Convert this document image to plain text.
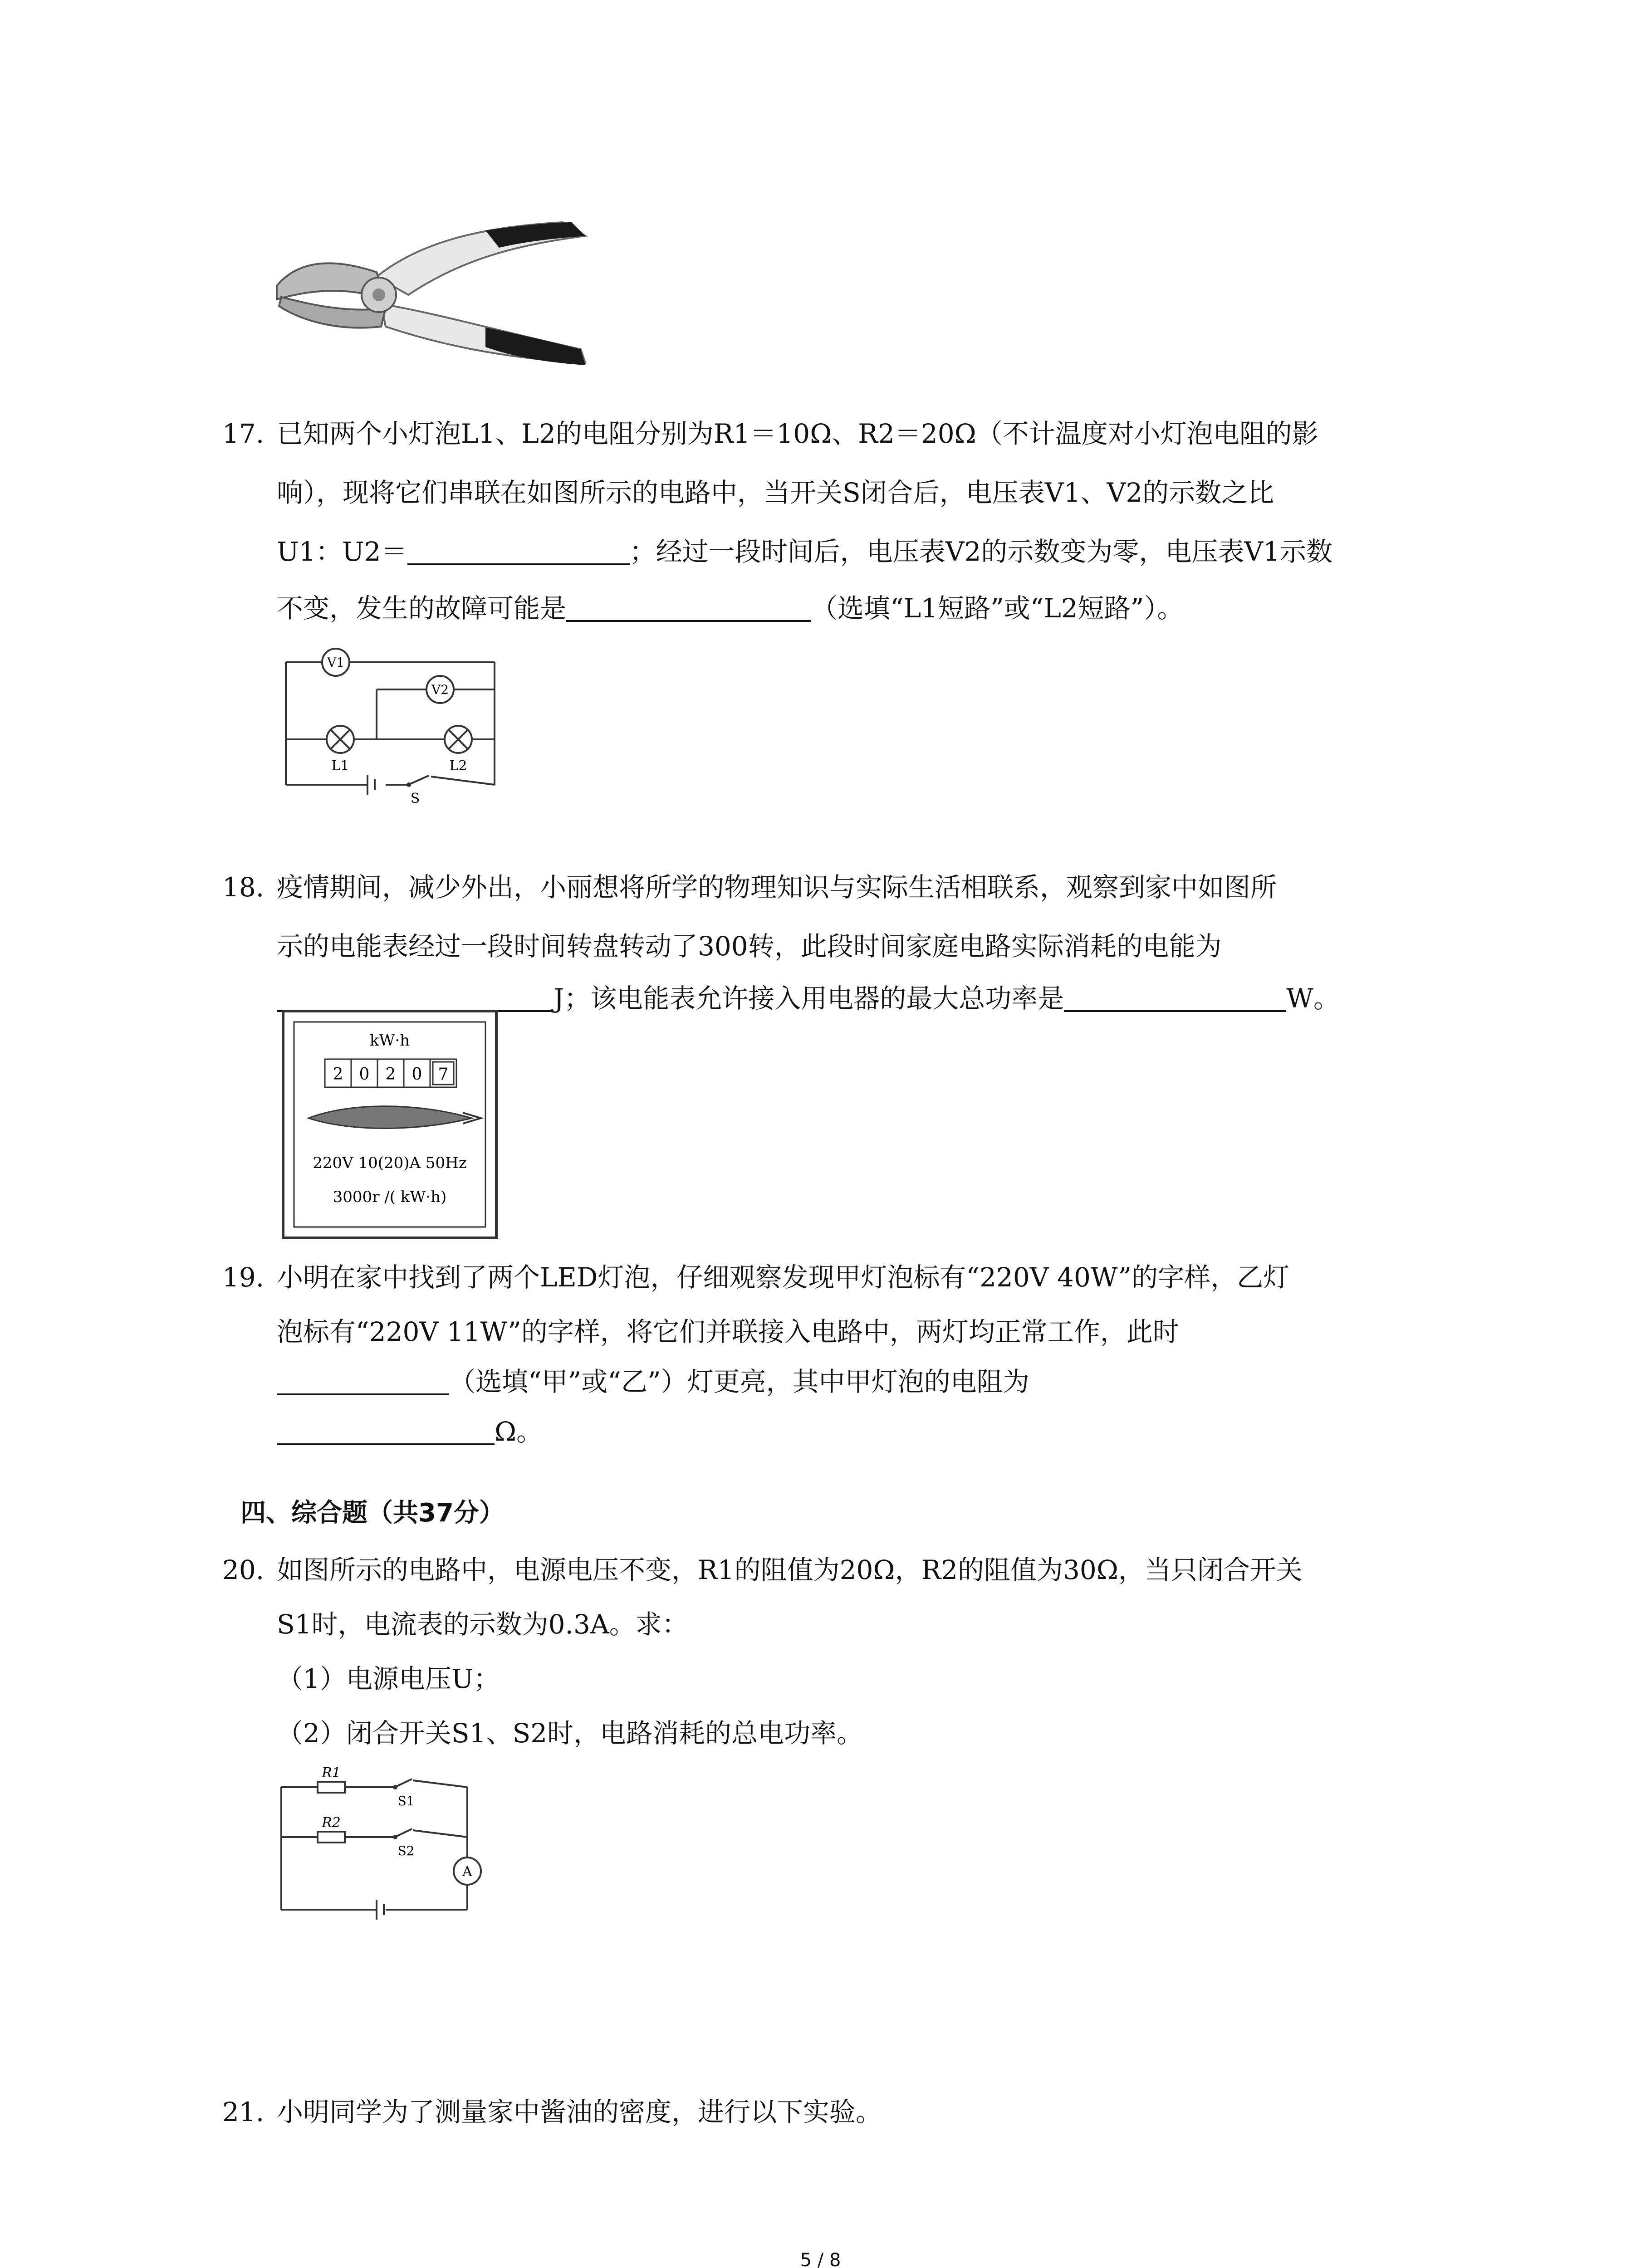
17. 已知两个小灯泡L1、L2的电阻分别为R1＝10Ω、R2＝20Ω（不计温度对小灯泡电阻的影
响），现将它们串联在如图所示的电路中，当开关S闭合后，电压表V1、V2的示数之比
U1：U2＝	；经过一段时间后，电压表V2的示数变为零，电压表V1示数
不变，发生的故障可能是	（选填“L1短路”或“L2短路”）。
V1
V2
L1	L2
S
18. 疫情期间，减少外出，小丽想将所学的物理知识与实际生活相联系，观察到家中如图所
示的电能表经过一段时间转盘转动了300转，此段时间家庭电路实际消耗的电能为
J；该电能表允许接入用电器的最大总功率是	W。
kW·h
2 0 2 0 7
220V 10(20)A 50Hz
3000r /( kW·h)
19. 小明在家中找到了两个LED灯泡，仔细观察发现甲灯泡标有“220V 40W”的字样，乙灯
泡标有“220V 11W”的字样，将它们并联接入电路中，两灯均正常工作，此时
（选填“甲”或“乙”）灯更亮，其中甲灯泡的电阻为
Ω。
四、综合题（共37分）
20. 如图所示的电路中，电源电压不变，R1的阻值为20Ω，R2的阻值为30Ω，当只闭合开关
S1时，电流表的示数为0.3A。求：
（1）电源电压U；
（2）闭合开关S1、S2时，电路消耗的总电功率。
R1
R2
S1
S2
A
21. 小明同学为了测量家中酱油的密度，进行以下实验。
5 / 8
